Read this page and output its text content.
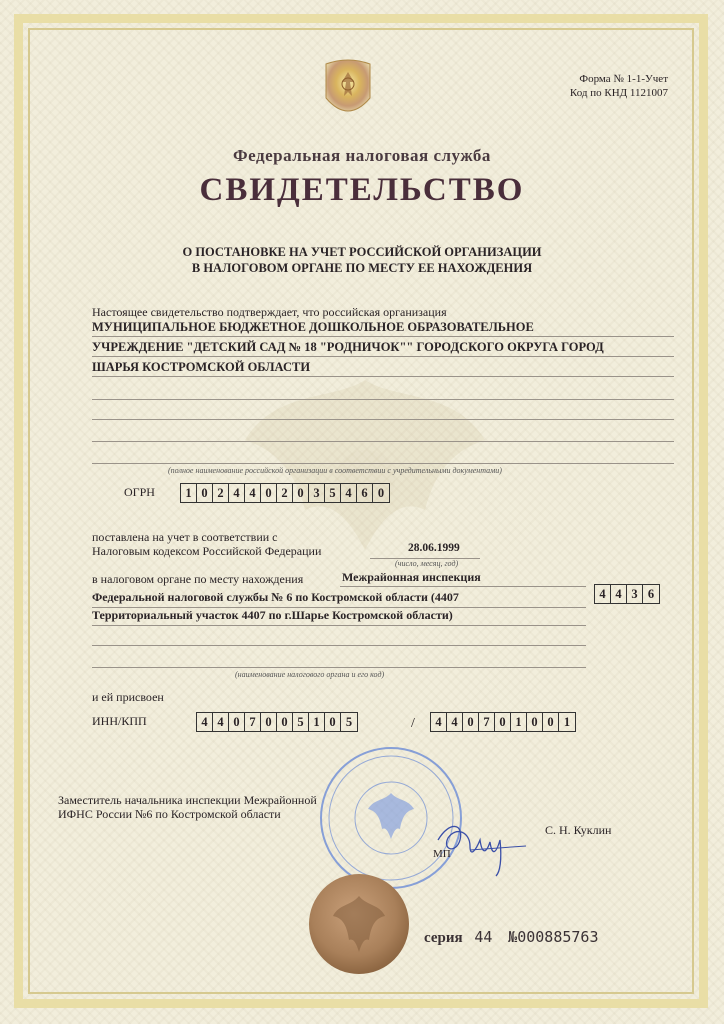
Форма № 1-1-Учет
Код по КНД 1121007
Федеральная налоговая служба
СВИДЕТЕЛЬСТВО
О ПОСТАНОВКЕ НА УЧЕТ РОССИЙСКОЙ ОРГАНИЗАЦИИ
В НАЛОГОВОМ ОРГАНЕ ПО МЕСТУ ЕЕ НАХОЖДЕНИЯ
Настоящее свидетельство подтверждает, что российская организация
МУНИЦИПАЛЬНОЕ БЮДЖЕТНОЕ ДОШКОЛЬНОЕ ОБРАЗОВАТЕЛЬНОЕ
УЧРЕЖДЕНИЕ "ДЕТСКИЙ САД № 18 "РОДНИЧОК"" ГОРОДСКОГО ОКРУГА ГОРОД
ШАРЬЯ КОСТРОМСКОЙ ОБЛАСТИ
(полное наименование российской организации в соответствии с учредительными документами)
ОГРН	1 0 2 4 4 0 2 0 3 5 4 6 0
поставлена на учет в соответствии с
Налоговым кодексом Российской Федерации	28.06.1999
(число, месяц, год)
в налоговом органе по месту нахождения	Межрайонная инспекция
Федеральной налоговой службы № 6 по Костромской области (4407
Территориальный участок 4407 по г.Шарье Костромской области)
4 4 3 6
(наименование налогового органа и его код)
и ей присвоен
ИНН/КПП	4 4 0 7 0 0 5 1 0 5	/	4 4 0 7 0 1 0 0 1
Заместитель начальника инспекции Межрайонной
ИФНС России №6 по Костромской области
МП
С. Н. Куклин
серия 44 №000885763
